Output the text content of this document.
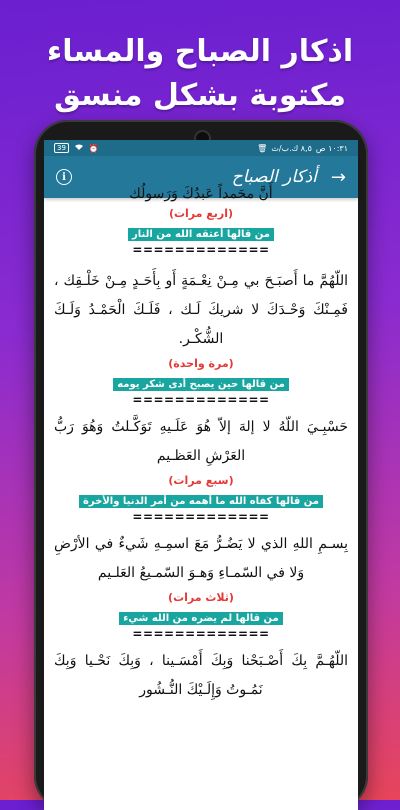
اذكار الصباح والمساء
مكتوبة بشكل منسق
39	⏰	١٠:٣١ ص
٨,٥ ك.ب/ث
🗑
i	أذكار الصباح →

أَنَّ محَمداً عَبدُكَ وَرَسولُك

(اربع مرات)
من قالها أعتقه الله من النار
=============

اللّهُمَّ ما أَصبَـحَ بي مِـنْ نِعْـمَةٍ أَو بِأَحَـدٍ مِـنْ خَلْـقِك ، فَمِـنْكَ وَحْـدَكَ لا شريكَ لَـك ، فَلَـكَ الْحَمْـدُ وَلَـكَ الشُّكْـر.

(مرة واحدة)
من قالها حين يصبح أدى شكر يومه
=============

حَسْبِـيَ اللّهُ لا إلهَ إلاّ هُوَ عَلَـيهِ تَوَكَّـلتُ وَهُوَ رَبُّ العَرْشِ العَظـيم

(سبع مرات)
من قالها كفاه الله ما أهمه من أمر الدنيا والأخرة
=============

بِسـمِ اللهِ الذي لا يَضُـرُّ مَعَ اسمِـهِ شَيءٌ في الأرْضِ وَلا في السّمـاءِ وَهـوَ السّمـيعُ العَلـيم

(ثلاث مرات)
من قالها لم يضره من الله شيء
=============

اللّهُـمَّ بِكَ أَصْـبَحْنا وَبِكَ أَمْسَـينا ، وَبِكَ نَحْـيا وَبِكَ نَمُـوتُ وَإِلَـيْكَ النُّـشُور
